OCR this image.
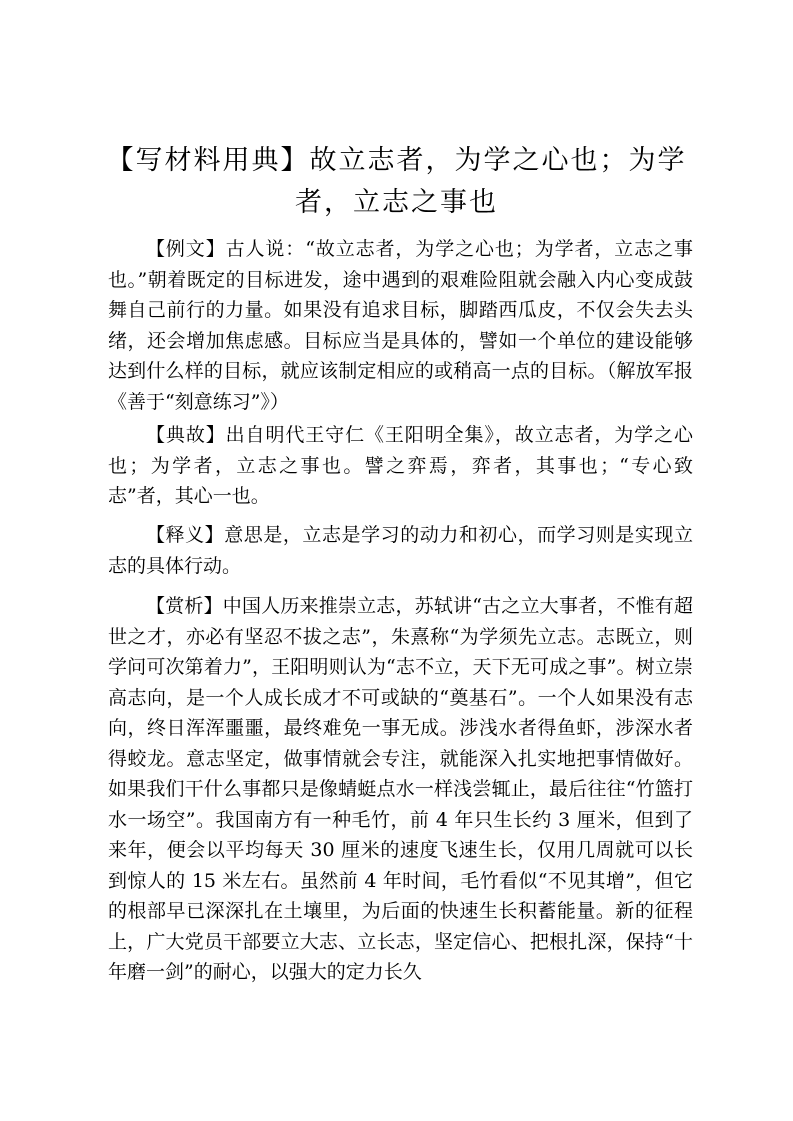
【写材料用典】故立志者，为学之心也；为学者，立志之事也

【例文】古人说：“故立志者，为学之心也；为学者，立志之事也。”朝着既定的目标进发，途中遇到的艰难险阻就会融入内心变成鼓舞自己前行的力量。如果没有追求目标，脚踏西瓜皮，不仅会失去头绪，还会增加焦虑感。目标应当是具体的，譬如一个单位的建设能够达到什么样的目标，就应该制定相应的或稍高一点的目标。（解放军报《善于“刻意练习”》）

【典故】出自明代王守仁《王阳明全集》，故立志者，为学之心也；为学者，立志之事也。譬之弈焉，弈者，其事也；“专心致志”者，其心一也。

【释义】意思是，立志是学习的动力和初心，而学习则是实现立志的具体行动。

【赏析】中国人历来推崇立志，苏轼讲“古之立大事者，不惟有超世之才，亦必有坚忍不拔之志”，朱熹称“为学须先立志。志既立，则学问可次第着力”，王阳明则认为“志不立，天下无可成之事”。树立崇高志向，是一个人成长成才不可或缺的“奠基石”。一个人如果没有志向，终日浑浑噩噩，最终难免一事无成。涉浅水者得鱼虾，涉深水者得蛟龙。意志坚定，做事情就会专注，就能深入扎实地把事情做好。如果我们干什么事都只是像蜻蜓点水一样浅尝辄止，最后往往“竹篮打水一场空”。我国南方有一种毛竹，前 4 年只生长约 3 厘米，但到了来年，便会以平均每天 30 厘米的速度飞速生长，仅用几周就可以长到惊人的 15 米左右。虽然前 4 年时间，毛竹看似“不见其增”，但它的根部早已深深扎在土壤里，为后面的快速生长积蓄能量。新的征程上，广大党员干部要立大志、立长志，坚定信心、把根扎深，保持“十年磨一剑”的耐心，以强大的定力长久
